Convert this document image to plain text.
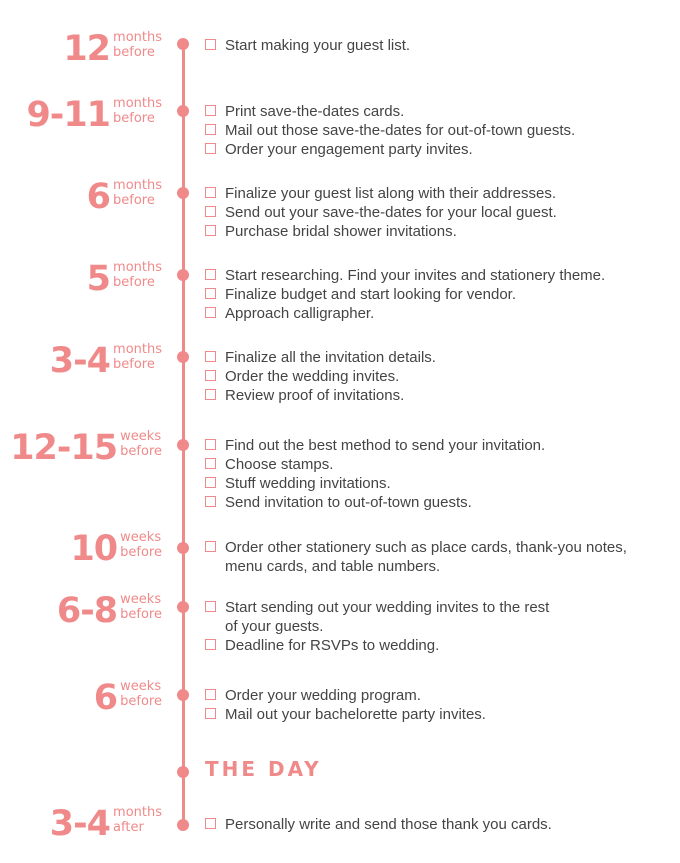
THE DAY
12 months
before	Start making your guest list.
9-11 months
before	Print save-the-dates cards.
Mail out those save-the-dates for out-of-town guests.
Order your engagement party invites.
6 months
before	Finalize your guest list along with their addresses.
Send out your save-the-dates for your local guest.
Purchase bridal shower invitations.
5 months
before	Start researching. Find your invites and stationery theme.
Finalize budget and start looking for vendor.
Approach calligrapher.
3-4 months
before	Finalize all the invitation details.
Order the wedding invites.
Review proof of invitations.
12-15 weeks
before	Find out the best method to send your invitation.
Choose stamps.
Stuff wedding invitations.
Send invitation to out-of-town guests.
10 weeks
before	Order other stationery such as place cards, thank-you notes,
menu cards, and table numbers.
6-8 weeks
before	Start sending out your wedding invites to the rest
of your guests.
Deadline for RSVPs to wedding.
6 weeks
before	Order your wedding program.
Mail out your bachelorette party invites.
3-4 months
after	Personally write and send those thank you cards.
